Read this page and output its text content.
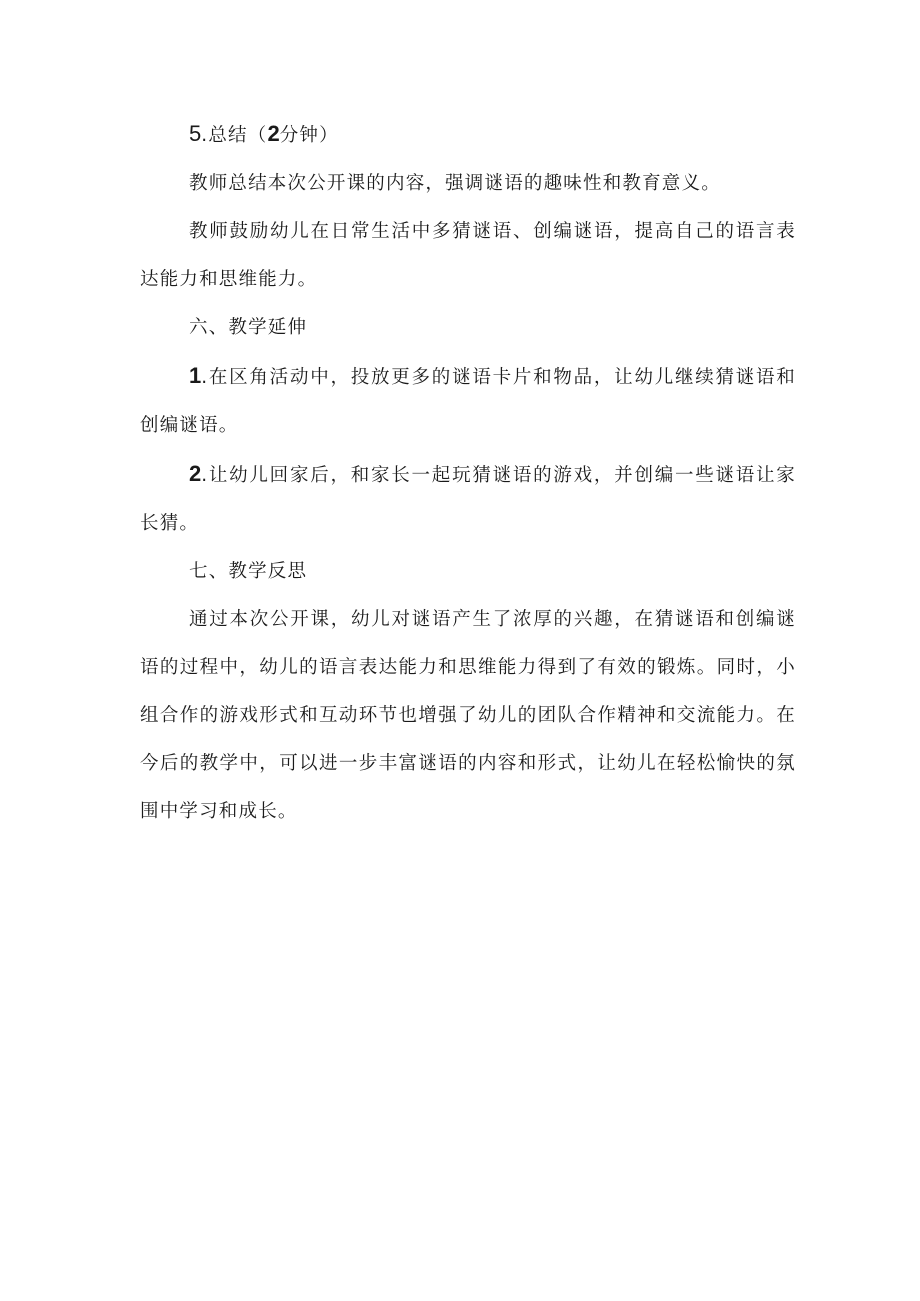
5.总结（2分钟）

教师总结本次公开课的内容，强调谜语的趣味性和教育意义。

教师鼓励幼儿在日常生活中多猜谜语、创编谜语，提高自己的语言表达能力和思维能力。

六、教学延伸

1.在区角活动中，投放更多的谜语卡片和物品，让幼儿继续猜谜语和创编谜语。

2.让幼儿回家后，和家长一起玩猜谜语的游戏，并创编一些谜语让家长猜。

七、教学反思

通过本次公开课，幼儿对谜语产生了浓厚的兴趣，在猜谜语和创编谜语的过程中，幼儿的语言表达能力和思维能力得到了有效的锻炼。同时，小组合作的游戏形式和互动环节也增强了幼儿的团队合作精神和交流能力。在今后的教学中，可以进一步丰富谜语的内容和形式，让幼儿在轻松愉快的氛围中学习和成长。
